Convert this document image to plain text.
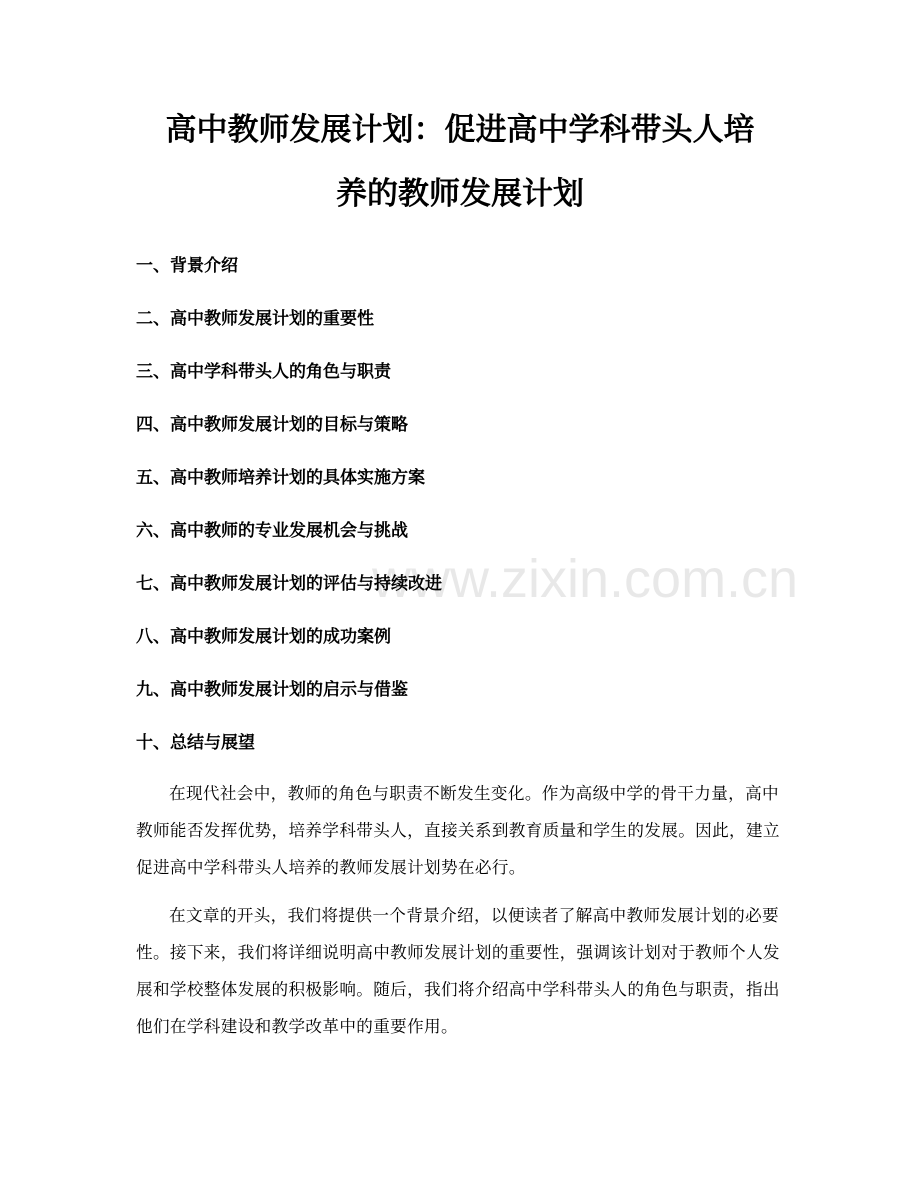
高中教师发展计划：促进高中学科带头人培
养的教师发展计划
一、背景介绍
二、高中教师发展计划的重要性
三、高中学科带头人的角色与职责
四、高中教师发展计划的目标与策略
五、高中教师培养计划的具体实施方案
六、高中教师的专业发展机会与挑战
七、高中教师发展计划的评估与持续改进
八、高中教师发展计划的成功案例
九、高中教师发展计划的启示与借鉴
十、总结与展望

在现代社会中，教师的角色与职责不断发生变化。作为高级中学的骨干力量，高中教师能否发挥优势，培养学科带头人，直接关系到教育质量和学生的发展。因此，建立促进高中学科带头人培养的教师发展计划势在必行。

在文章的开头，我们将提供一个背景介绍，以便读者了解高中教师发展计划的必要性。接下来，我们将详细说明高中教师发展计划的重要性，强调该计划对于教师个人发展和学校整体发展的积极影响。随后，我们将介绍高中学科带头人的角色与职责，指出他们在学科建设和教学改革中的重要作用。

www.zixin.com.cn
